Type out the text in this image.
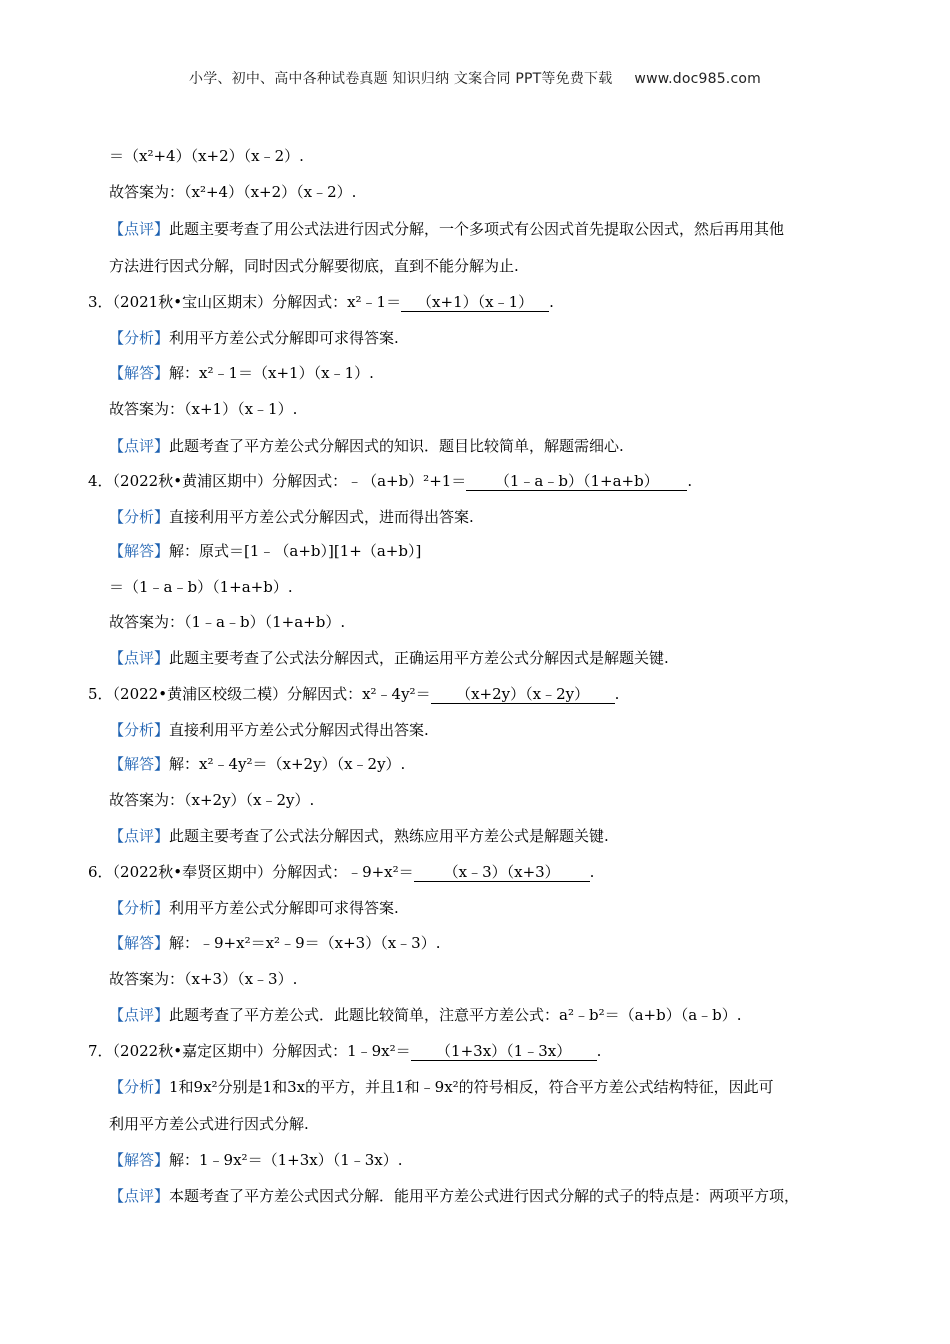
小学、初中、高中各种试卷真题 知识归纳 文案合同 PPT等免费下载 www.doc985.com
＝（x²+4）（x+2）（x﹣2）.
故答案为：（x²+4）（x+2）（x﹣2）.
【点评】此题主要考查了用公式法进行因式分解，一个多项式有公因式首先提取公因式，然后再用其他
方法进行因式分解，同时因式分解要彻底，直到不能分解为止.
3．（2021秋•宝山区期末）分解因式：x²﹣1＝ （x+1）（x﹣1） .
【分析】利用平方差公式分解即可求得答案.
【解答】解：x²﹣1＝（x+1）（x﹣1）.
故答案为：（x+1）（x﹣1）.
【点评】此题考查了平方差公式分解因式的知识．题目比较简单，解题需细心.
4．（2022秋•黄浦区期中）分解因式：﹣（a+b）²+1＝ （1﹣a﹣b）（1+a+b） .
【分析】直接利用平方差公式分解因式，进而得出答案.
【解答】解：原式＝[1﹣（a+b）][1+（a+b）]
＝（1﹣a﹣b）（1+a+b）.
故答案为：（1﹣a﹣b）（1+a+b）.
【点评】此题主要考查了公式法分解因式，正确运用平方差公式分解因式是解题关键.
5．（2022•黄浦区校级二模）分解因式：x²﹣4y²＝ （x+2y）（x﹣2y） .
【分析】直接利用平方差公式分解因式得出答案.
【解答】解：x²﹣4y²＝（x+2y）（x﹣2y）.
故答案为：（x+2y）（x﹣2y）.
【点评】此题主要考查了公式法分解因式，熟练应用平方差公式是解题关键.
6．（2022秋•奉贤区期中）分解因式：﹣9+x²＝ （x﹣3）（x+3） .
【分析】利用平方差公式分解即可求得答案.
【解答】解：﹣9+x²＝x²﹣9＝（x+3）（x﹣3）.
故答案为：（x+3）（x﹣3）.
【点评】此题考查了平方差公式．此题比较简单，注意平方差公式：a²﹣b²＝（a+b）（a﹣b）.
7．（2022秋•嘉定区期中）分解因式：1﹣9x²＝ （1+3x）（1﹣3x） .
【分析】1和9x²分别是1和3x的平方，并且1和﹣9x²的符号相反，符合平方差公式结构特征，因此可
利用平方差公式进行因式分解.
【解答】解：1﹣9x²＝（1+3x）（1﹣3x）.
【点评】本题考查了平方差公式因式分解．能用平方差公式进行因式分解的式子的特点是：两项平方项，
